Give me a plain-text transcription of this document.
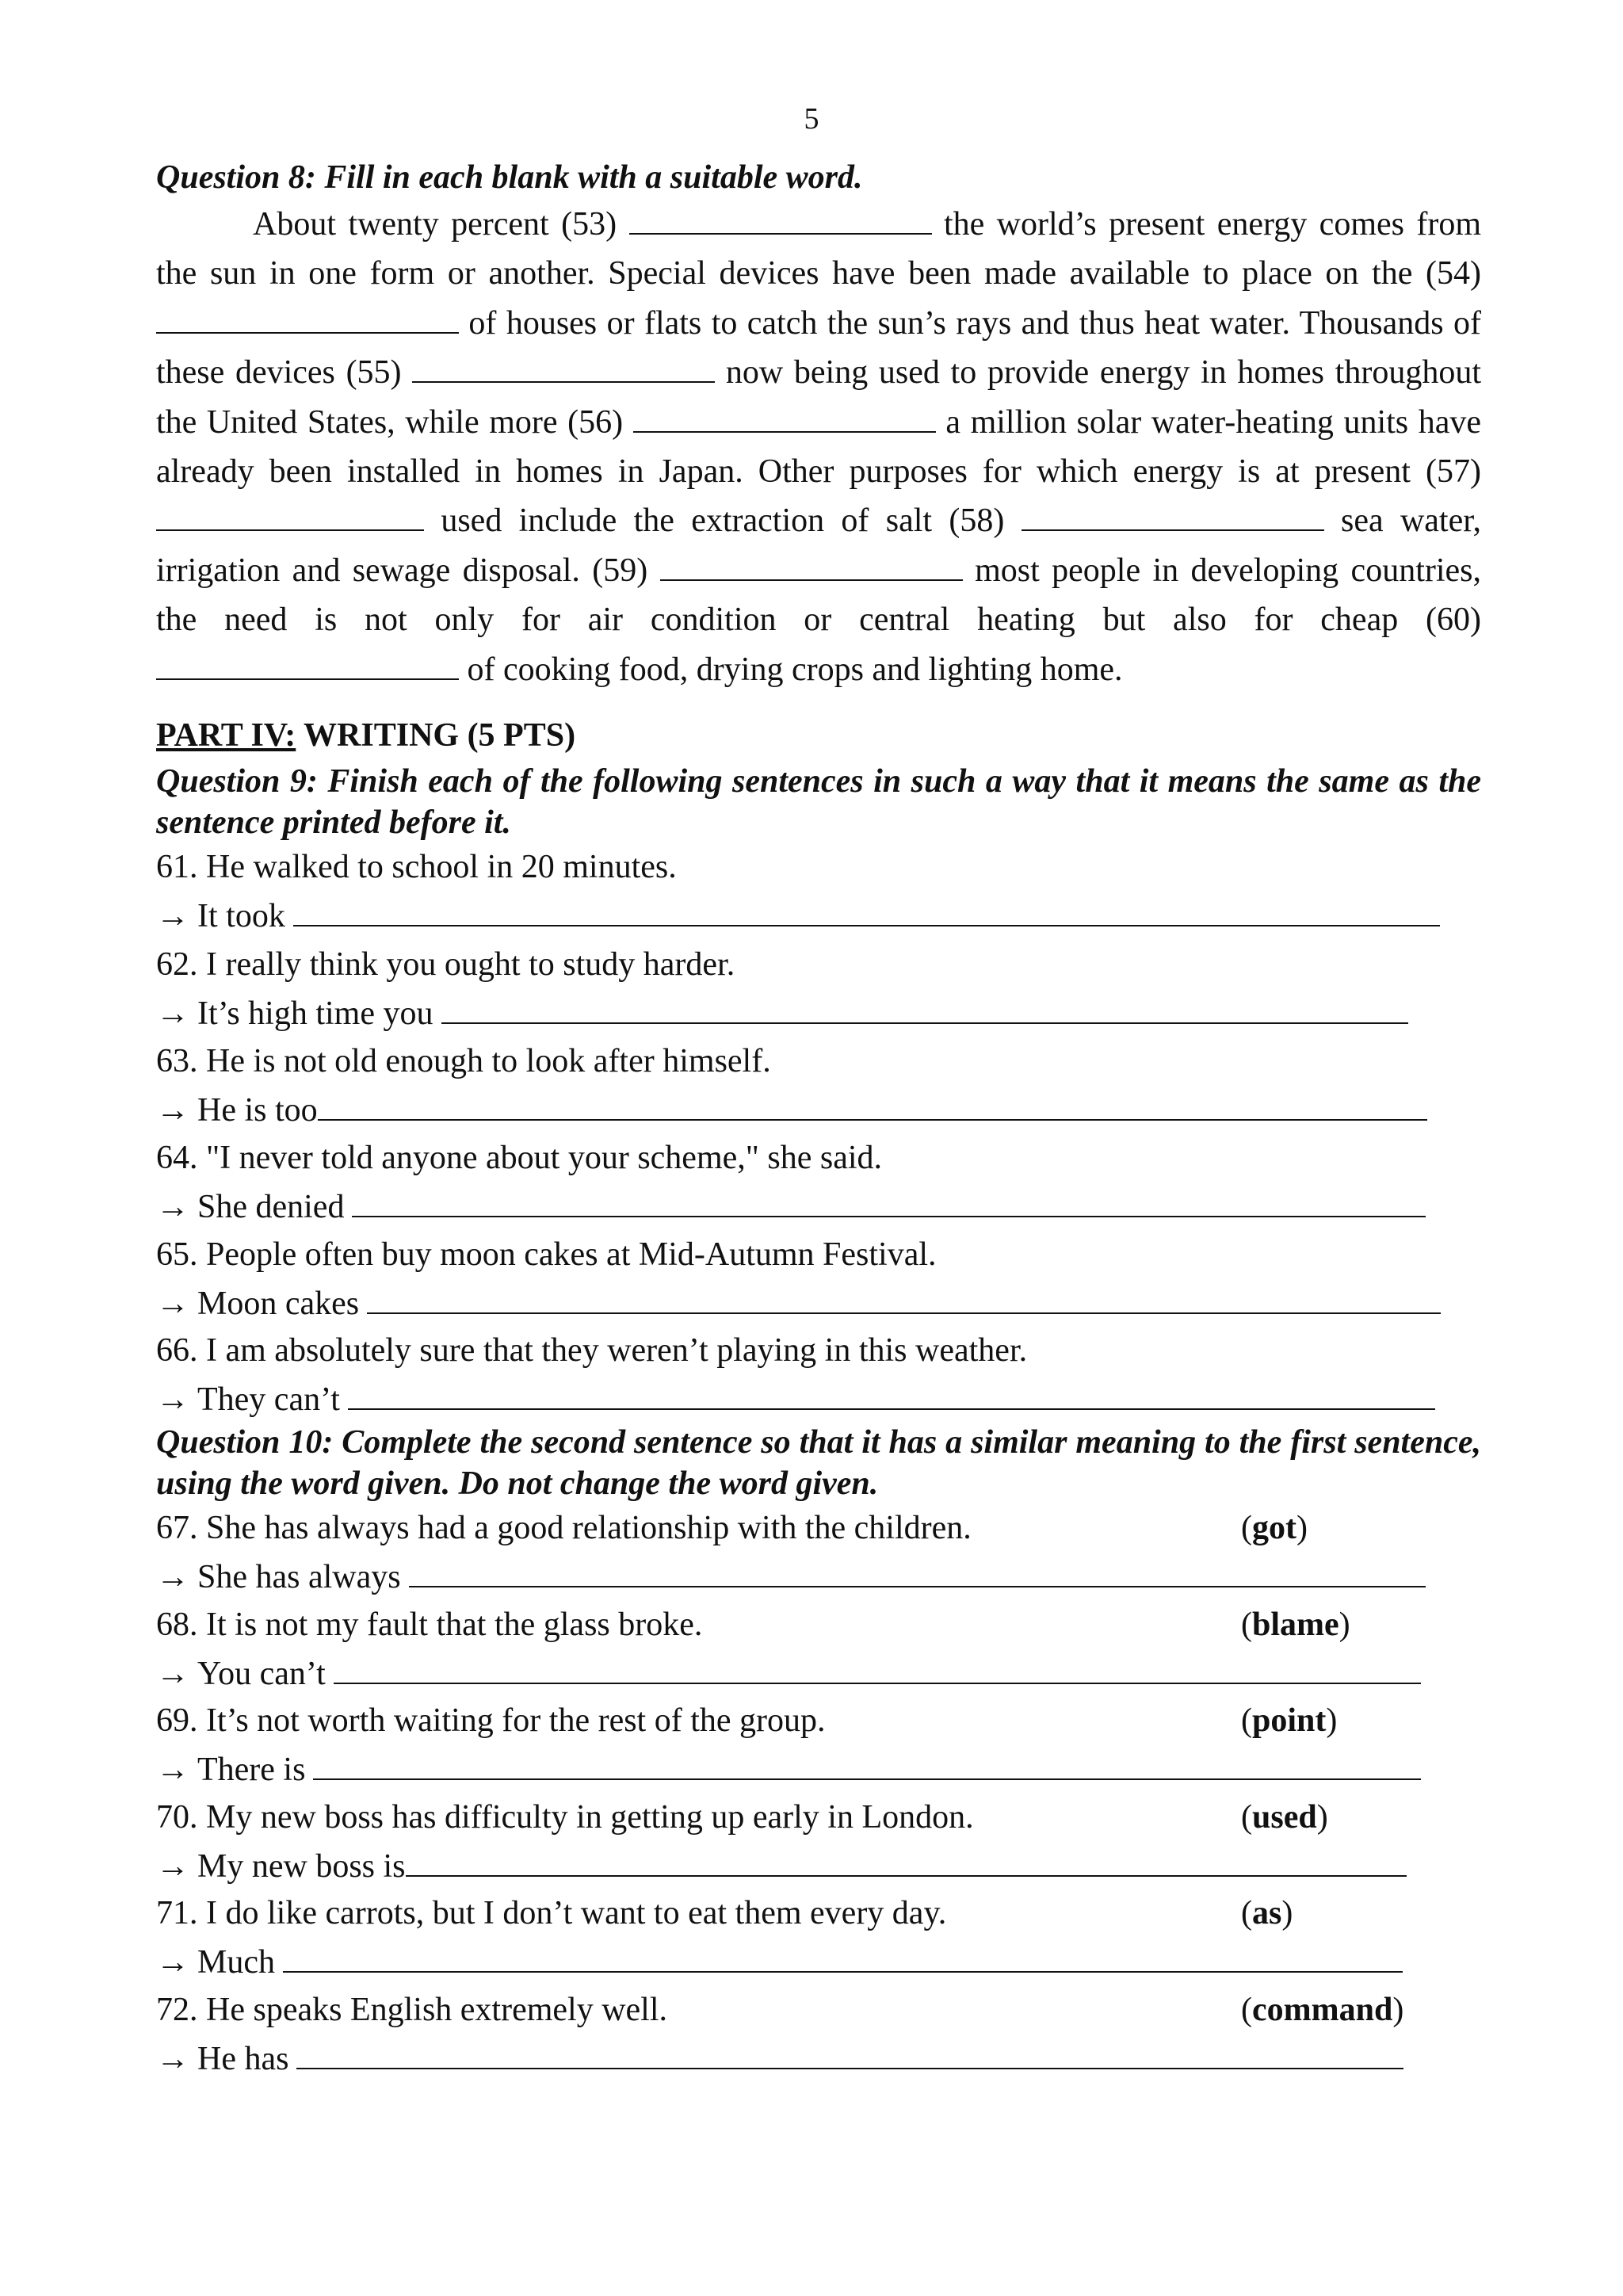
5
Question 8: Fill in each blank with a suitable word.
About twenty percent (53)	the world’s present energy comes from the sun in one form or another. Special devices have been made available to place on the (54)  of houses or flats to catch the sun’s rays and thus heat water. Thousands of these devices (55)	now being used to provide energy in homes throughout the United States, while more (56)	a million solar water-heating units have already been installed in homes in Japan. Other purposes for which energy is at present (57)  used include the extraction of salt (58)	sea water, irrigation and sewage disposal. (59)	most people in developing countries, the need is not only for air condition or central heating but also for cheap (60)  of cooking food, drying crops and lighting home.
PART IV: WRITING (5 PTS)
Question 9: Finish each of the following sentences in such a way that it means the same as the sentence printed before it.
61. He walked to school in 20 minutes.
→ It took
62. I really think you ought to study harder.
→ It’s high time you
63. He is not old enough to look after himself.
→ He is too
64. "I never told anyone about your scheme," she said.
→ She denied
65. People often buy moon cakes at Mid-Autumn Festival.
→ Moon cakes
66. I am absolutely sure that they weren’t playing in this weather.
→ They can’t
Question 10: Complete the second sentence so that it has a similar meaning to the first sentence, using the word given. Do not change the word given.
67. She has always had a good relationship with the children.	(got)
→ She has always
68. It is not my fault that the glass broke.	(blame)
→ You can’t
69. It’s not worth waiting for the rest of the group.	(point)
→ There is
70. My new boss has difficulty in getting up early in London.	(used)
→ My new boss is
71. I do like carrots, but I don’t want to eat them every day.	(as)
→ Much
72. He speaks English extremely well.	(command)
→ He has
